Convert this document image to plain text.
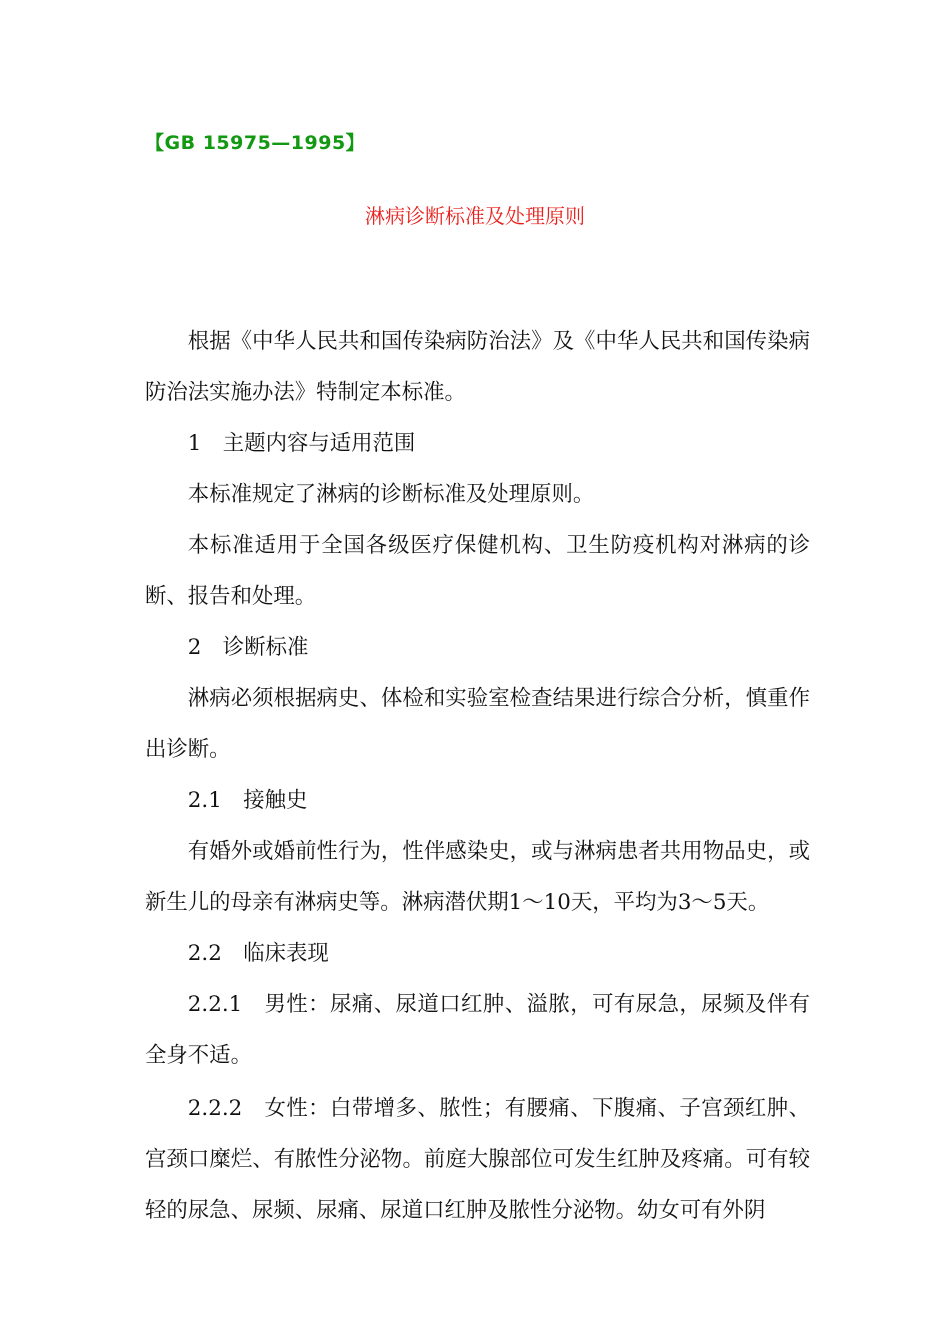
【GB 15975—1995】
淋病诊断标准及处理原则

根据《中华人民共和国传染病防治法》及《中华人民共和国传染病防治法实施办法》特制定本标准。

1　主题内容与适用范围

本标准规定了淋病的诊断标准及处理原则。

本标准适用于全国各级医疗保健机构、卫生防疫机构对淋病的诊断、报告和处理。

2　诊断标准

淋病必须根据病史、体检和实验室检查结果进行综合分析，慎重作出诊断。

2.1　接触史

有婚外或婚前性行为，性伴感染史，或与淋病患者共用物品史，或新生儿的母亲有淋病史等。淋病潜伏期1～10天，平均为3～5天。

2.2　临床表现

2.2.1　男性：尿痛、尿道口红肿、溢脓，可有尿急，尿频及伴有全身不适。

2.2.2　女性：白带增多、脓性；有腰痛、下腹痛、子宫颈红肿、宫颈口糜烂、有脓性分泌物。前庭大腺部位可发生红肿及疼痛。可有较轻的尿急、尿频、尿痛、尿道口红肿及脓性分泌物。幼女可有外阴
